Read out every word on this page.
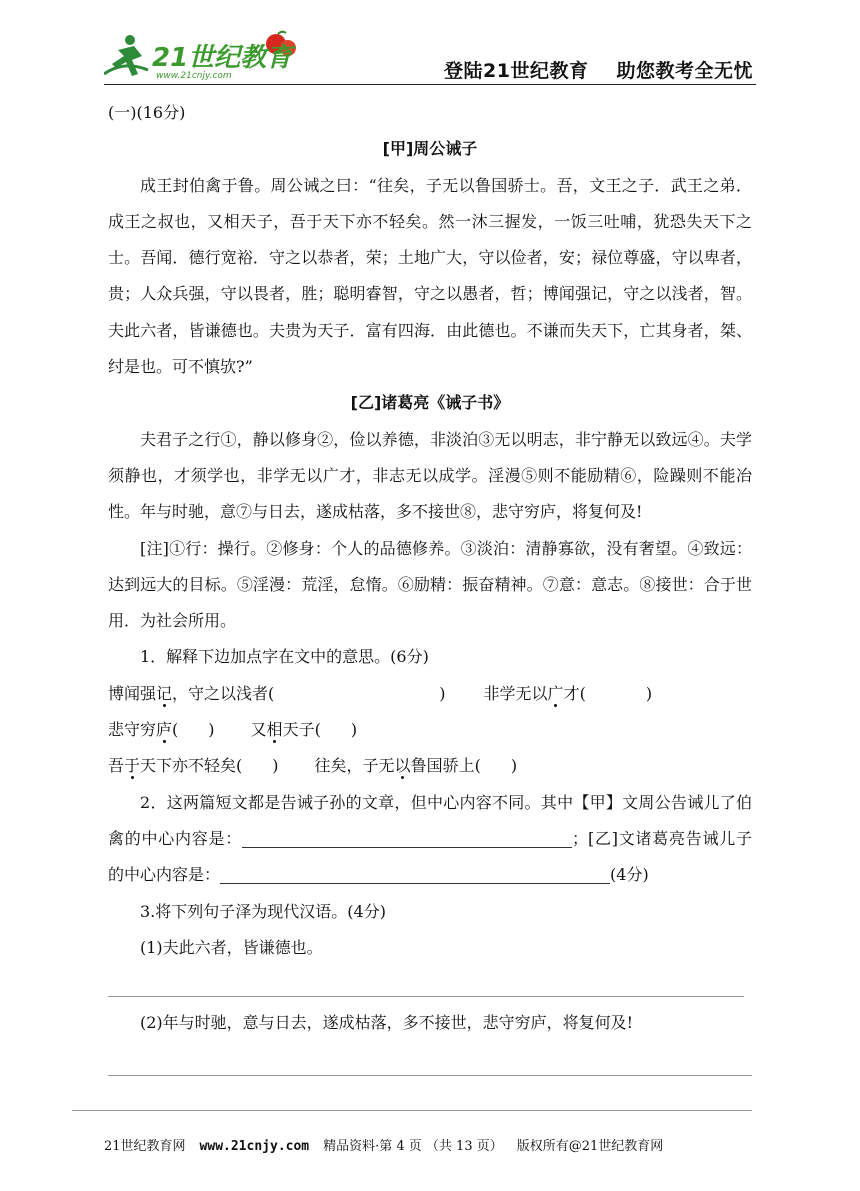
21世纪教育
www.21cnjy.com	登陆21世纪教育 助您教考全无忧

(一)(16分)

[甲]周公诫子

成王封伯禽于鲁。周公诫之曰：“往矣，子无以鲁国骄士。吾，文王之子．武王之弟．成王之叔也，又相天子，吾于天下亦不轻矣。然一沐三握发，一饭三吐哺，犹恐失天下之士。吾闻．德行宽裕．守之以恭者，荣；土地广大，守以俭者，安；禄位尊盛，守以卑者，贵；人众兵强，守以畏者，胜；聪明睿智，守之以愚者，哲；博闻强记，守之以浅者，智。夫此六者，皆谦德也。夫贵为天子．富有四海．由此德也。不谦而失天下，亡其身者，桀、纣是也。可不慎欤?”

[乙]诸葛亮《诫子书》

夫君子之行①，静以修身②，俭以养德，非淡泊③无以明志，非宁静无以致远④。夫学须静也，才须学也，非学无以广才，非志无以成学。淫漫⑤则不能励精⑥，险躁则不能冶性。年与时驰，意⑦与日去，遂成枯落，多不接世⑧，悲守穷庐，将复何及!

[注]①行：操行。②修身：个人的品德修养。③淡泊：清静寡欲，没有奢望。④致远：达到远大的目标。⑤淫漫：荒淫，怠惰。⑥励精：振奋精神。⑦意：意志。⑧接世：合于世用．为社会所用。

1．解释下边加点字在文中的意思。(6分)

博闻强记，守之以浅者(	) 非学无以广才(	)
悲守穷庐( ) 又相天子( )
吾于天下亦不轻矣( ) 往矣，子无以鲁国骄上( )

2．这两篇短文都是告诫子孙的文章，但中心内容不同。其中【甲】文周公告诫儿了伯禽的中心内容是：	；[乙]文诸葛亮告诫儿子的中心内容是：	(4分)

3.将下列句子泽为现代汉语。(4分)

(1)夫此六者，皆谦德也。

(2)年与时驰，意与日去，遂成枯落，多不接世，悲守穷庐，将复何及!

21世纪教育网 www.21cnjy.com 精品资料·第 4 页 （共 13 页） 版权所有@21世纪教育网
